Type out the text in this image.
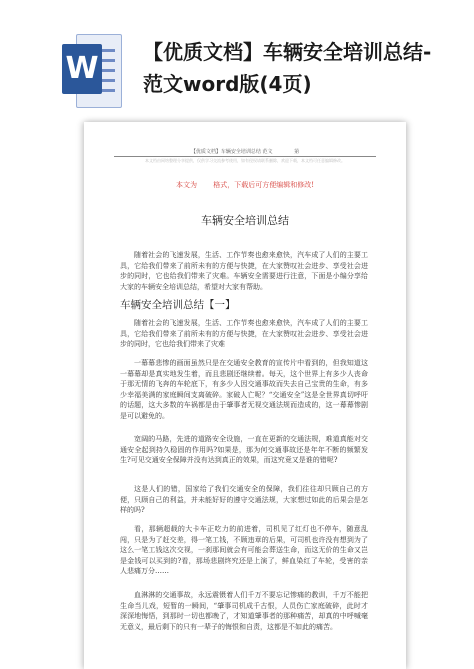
W 【优质文档】车辆安全培训总结-范文word版(4页)
【优质文档】车辆安全培训总结 范文	第
本文档由网络整理分享提供，仅供学习交流参考使用，如有侵权请联系删除，欢迎下载，本文档可任意编辑修改。
本文为 格式，下载后可方便编辑和修改!
车辆安全培训总结

随着社会的飞速发展，生活、工作节奏也愈来愈快，汽车成了人们的主要工具，它给我们带来了前所未有的方便与快捷，在大家赞叹社会进步、享受社会进步的同时，它也给我们带来了灾难。车辆安全需要进行注意，下面是小编分享给大家的车辆安全培训总结，希望对大家有帮助。

车辆安全培训总结【一】

随着社会的飞速发展，生活、工作节奏也愈来愈快，汽车成了人们的主要工具，它给我们带来了前所未有的方便与快捷，在大家赞叹社会进步、享受社会进步的同时，它也给我们带来了灾难

一幕幕悲惨的画面虽然只是在交通安全教育的宣传片中看到的，但我知道这一幕幕却是真实地发生着，而且悲剧还继续着。每天，这个世界上有多少人丧命于那无情的飞奔的车轮底下，有多少人因交通事故而失去自己宝贵的生命，有多少幸福美满的家庭瞬间支离破碎。家破人亡呢？“交通安全”这是全世界真切呼吁的话题，这大多数的车祸都是由于肇事者无视交通法规而造成的，这一幕幕惨剧是可以避免的。

宽阔的马路，先进的道路安全设施，一直在更新的交通法规，难道真能对交通安全起到持久稳固的作用吗?如果是，那为何交通事故还是年年不断的频繁发生?可见交通安全保障并没有达到真正的效果，而这究竟又是谁的错呢?

这是人们的错，国家给了我们交通安全的保障，我们往往却只顾自己的方便，只顾自己的利益，并未能好好的遵守交通法规，大家想过如此的后果会是怎样的吗?

看，那辆超载的大卡车正吃力的前进着，司机见了红灯也不停车，随意乱闯，只是为了赶交差，得一笔工钱，不顾违章的后果，可司机也许没有想到为了这么一笔工钱这次交视，一刹那间就会有可能会葬送生命，而这无价的生命又岂是金钱可以买到的?看，那场悲剧终究还是上演了，鲜血染红了车轮，受害的亲人悲痛万分……

血淋淋的交通事故，永远震慑着人们千万不要忘记惨痛的教训，千万不能把生命当儿戏，短暂的一瞬间，“肇事司机成千古恨，人员伤亡家庭破碎，此时才深深地悔悟，到那时一切也都晚了，才知道肇事者的那种痛苦，却真的中呼喊毫无意义，最后剩下的只有一辈子的悔恨和自责，这都是不如此的痛苦。
